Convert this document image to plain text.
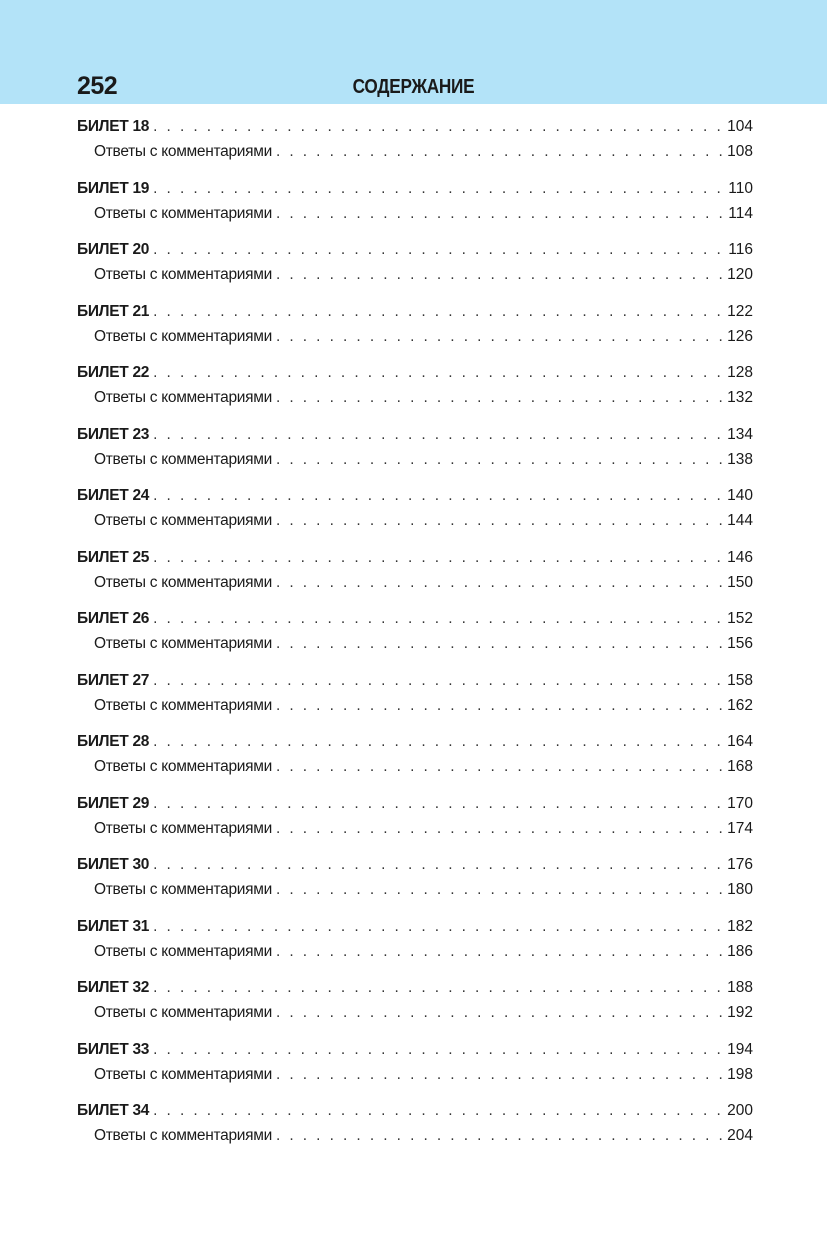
252	СОДЕРЖАНИЕ
БИЛЕТ 18 . . .	104
Ответы с комментариями . . .	108
БИЛЕТ 19 . . .	110
Ответы с комментариями . . .	114
БИЛЕТ 20 . . .	116
Ответы с комментариями . . .	120
БИЛЕТ 21 . . .	122
Ответы с комментариями . . .	126
БИЛЕТ 22 . . .	128
Ответы с комментариями . . .	132
БИЛЕТ 23 . . .	134
Ответы с комментариями . . .	138
БИЛЕТ 24 . . .	140
Ответы с комментариями . . .	144
БИЛЕТ 25 . . .	146
Ответы с комментариями . . .	150
БИЛЕТ 26 . . .	152
Ответы с комментариями . . .	156
БИЛЕТ 27 . . .	158
Ответы с комментариями . . .	162
БИЛЕТ 28 . . .	164
Ответы с комментариями . . .	168
БИЛЕТ 29 . . .	170
Ответы с комментариями . . .	174
БИЛЕТ 30 . . .	176
Ответы с комментариями . . .	180
БИЛЕТ 31 . . .	182
Ответы с комментариями . . .	186
БИЛЕТ 32 . . .	188
Ответы с комментариями . . .	192
БИЛЕТ 33 . . .	194
Ответы с комментариями . . .	198
БИЛЕТ 34 . . .	200
Ответы с комментариями . . .	204
